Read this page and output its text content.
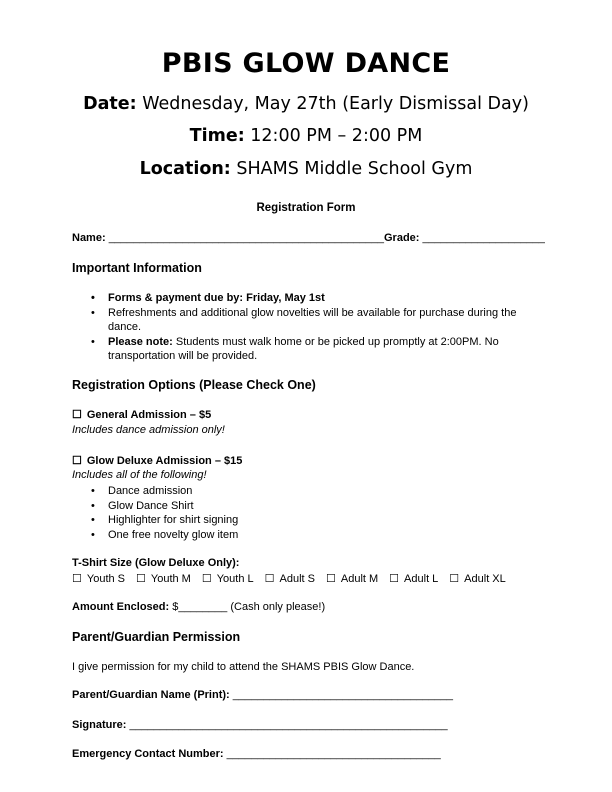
PBIS GLOW DANCE
Date: Wednesday, May 27th (Early Dismissal Day)
Time: 12:00 PM – 2:00 PM
Location: SHAMS Middle School Gym
Registration Form
Name: _____________________________________________Grade: ____________________
Important Information
• Forms & payment due by: Friday, May 1st
• Refreshments and additional glow novelties will be available for purchase during the
dance.
• Please note: Students must walk home or be picked up promptly at 2:00PM. No
transportation will be provided.
Registration Options (Please Check One)
☐ General Admission – $5
Includes dance admission only!
☐ Glow Deluxe Admission – $15
Includes all of the following!
• Dance admission
• Glow Dance Shirt
• Highlighter for shirt signing
• One free novelty glow item
T-Shirt Size (Glow Deluxe Only):
☐ Youth S ☐ Youth M ☐ Youth L ☐ Adult S ☐ Adult M ☐ Adult L ☐ Adult XL
Amount Enclosed: $________ (Cash only please!)
Parent/Guardian Permission
I give permission for my child to attend the SHAMS PBIS Glow Dance.
Parent/Guardian Name (Print): ____________________________________
Signature: ____________________________________________________
Emergency Contact Number: ___________________________________
